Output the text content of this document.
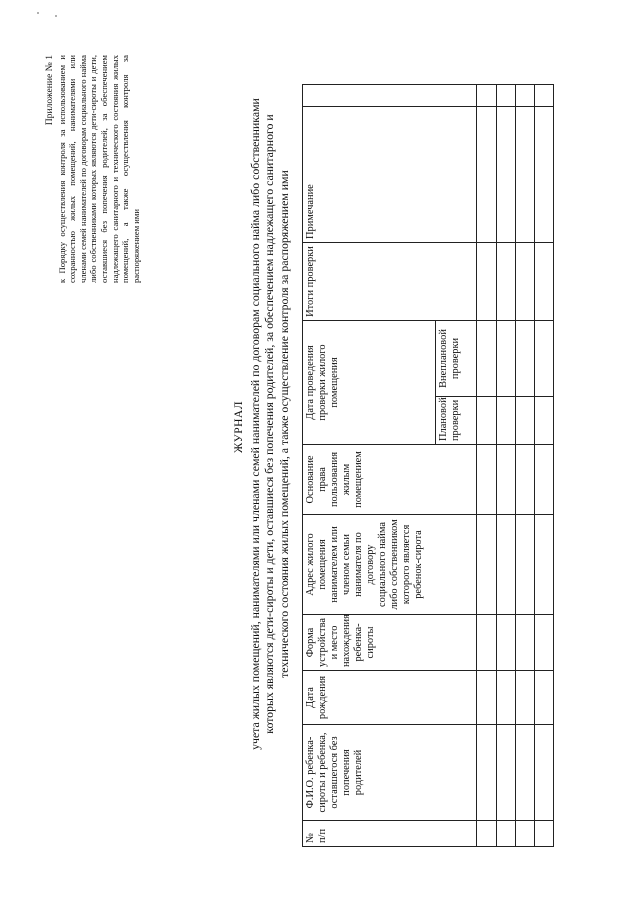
Приложение № 1 к Порядку осуществления контроля за использованием и сохранностью жилых помещений, нанимателями или членами семей нанимателей по договорам социального найма либо собственниками которых являются дети-сироты и дети, оставшиеся без попечения родителей, за обеспечением надлежащего санитарного и технического состояния жилых помещений, а также осуществления контроля за распоряжением ими
ЖУРНАЛ учета жилых помещений, нанимателями или членами семей нанимателей по договорам социального найма либо собственниками которых являются дети-сироты и дети, оставшиеся без попечения родителей, за обеспечением надлежащего санитарного и технического состояния жилых помещений, а также осуществление контроля за распоряжением ими
№ п/п	Ф.И.О. ребенка-сироты и ребенка, оставшегося без попечения родителей	Дата рождения	Форма устройства и место нахождения ребенка-сироты	Адрес жилого помещения нанимателем или членом семьи нанимателя по договору социального найма либо собственником которого является ребенок-сирота	Основание права пользования жилым помещением	Дата проведения проверки жилого помещения		Итоги проверки	Примечание	
						Плановой проверки	Внеплановой проверки			
